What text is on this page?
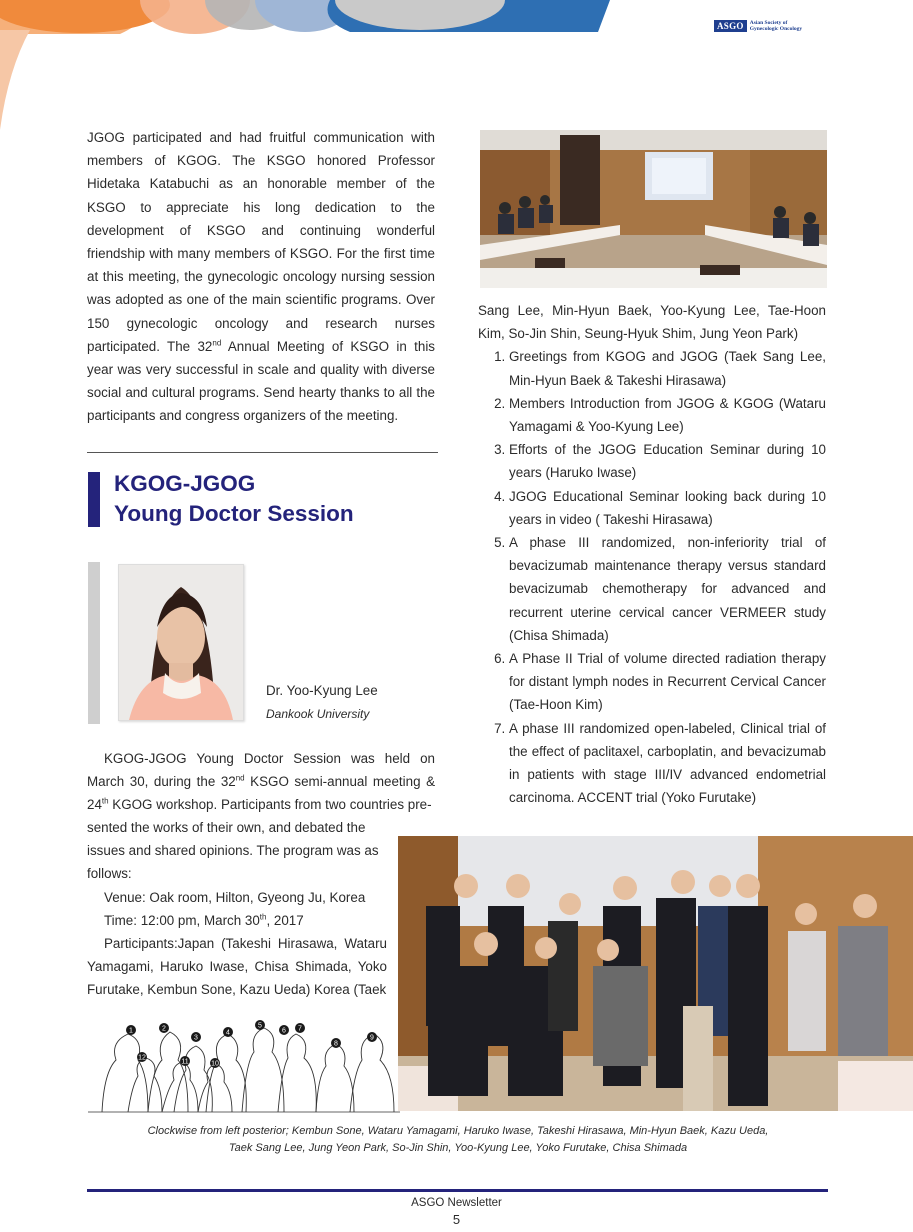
ASGO	Asian Society of
Gynecologic Oncology
JGOG participated and had fruitful communication with members of KGOG. The KSGO honored Professor Hidetaka Katabuchi as an honorable member of the KSGO to appreciate his long dedication to the development of KSGO and continuing wonderful friendship with many members of KSGO. For the first time at this meeting, the gynecologic oncology nursing session was adopted as one of the main scientific programs. Over 150 gynecologic oncology and research nurses participated. The 32nd Annual Meeting of KSGO in this year was very successful in scale and quality with diverse social and cultural programs. Send hearty thanks to all the participants and congress organizers of the meeting.
KGOG-JGOG
Young Doctor Session
Dr. Yoo-Kyung Lee
Dankook University
KGOG-JGOG Young Doctor Session was held on March 30, during the 32nd KSGO semi-annual meeting & 24th KGOG workshop. Participants from two countries pre-
sented the works of their own, and debated the issues and shared opinions. The program was as follows:
Venue: Oak room, Hilton, Gyeong Ju, Korea
Time: 12:00 pm, March 30th, 2017
Participants:Japan (Takeshi Hirasawa, Wataru Yamagami, Haruko Iwase, Chisa Shimada, Yoko Furutake, Kembun Sone, Kazu Ueda) Korea (Taek
Sang Lee, Min-Hyun Baek, Yoo-Kyung Lee, Tae-Hoon Kim, So-Jin Shin, Seung-Hyuk Shim, Jung Yeon Park)
1. Greetings from KGOG and JGOG (Taek Sang Lee, Min-Hyun Baek & Takeshi Hirasawa)
2. Members Introduction from JGOG & KGOG (Wataru Yamagami & Yoo-Kyung Lee)
3. Efforts of the JGOG Education Seminar during 10 years (Haruko Iwase)
4. JGOG Educational Seminar looking back during 10 years in video ( Takeshi Hirasawa)
5. A phase III randomized, non-inferiority trial of bevacizumab maintenance therapy versus standard bevacizumab chemotherapy for advanced and recurrent uterine cervical cancer VERMEER study (Chisa Shimada)
6. A Phase II Trial of volume directed radiation therapy for distant lymph nodes in Recurrent Cervical Cancer (Tae-Hoon Kim)
7. A phase III randomized open-labeled, Clinical trial of the effect of paclitaxel, carboplatin, and bevacizumab in patients with stage III/IV advanced endometrial carcinoma. ACCENT trial (Yoko Furutake)
1	2
3
4
5
6 7
8
9
10
11
12
Clockwise from left posterior; Kembun Sone, Wataru Yamagami, Haruko Iwase, Takeshi Hirasawa, Min-Hyun Baek, Kazu Ueda,
Taek Sang Lee, Jung Yeon Park, So-Jin Shin, Yoo-Kyung Lee, Yoko Furutake, Chisa Shimada
ASGO Newsletter
5
